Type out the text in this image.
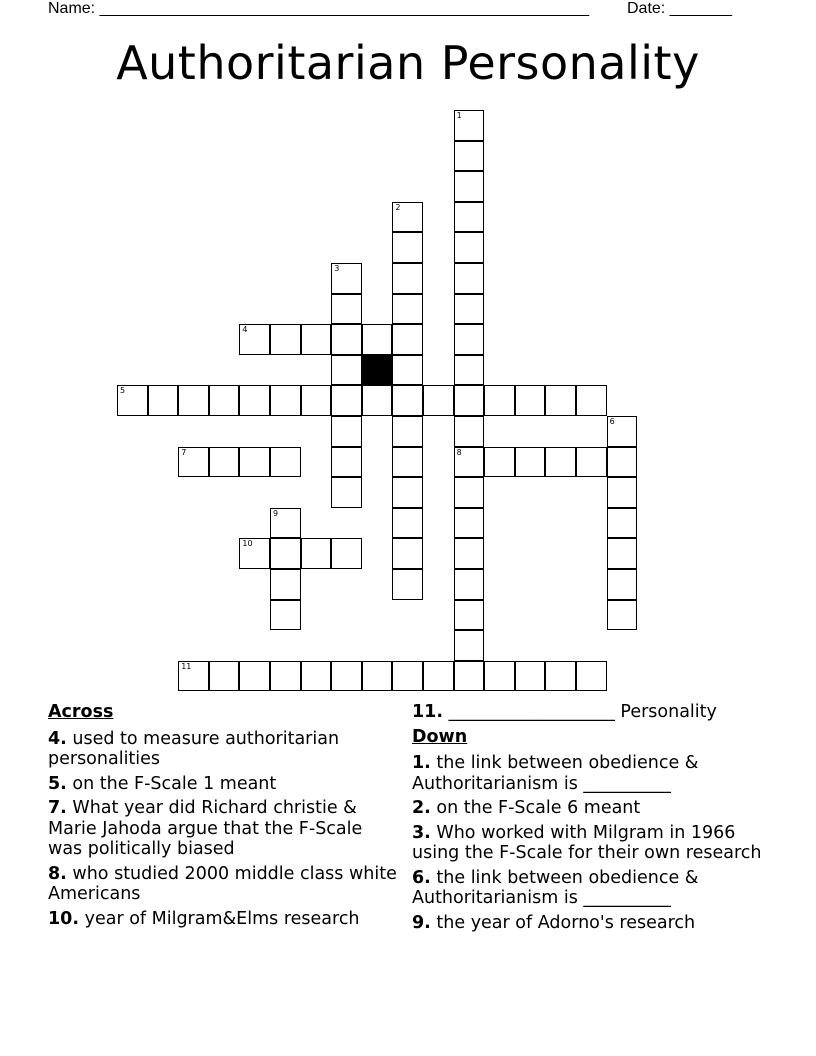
Name: _______________________________________________________ Date: _______
Authoritarian Personality
1
8
2
3
4
5
6
7
9
10
11
Across
4. used to measure authoritarian personalities
5. on the F-Scale 1 meant
7. What year did Richard christie & Marie Jahoda argue that the F-Scale was politically biased
8. who studied 2000 middle class white Americans
10. year of Milgram&Elms research
11. ___________________ Personality
Down
1. the link between obedience & Authoritarianism is __________
2. on the F-Scale 6 meant
3. Who worked with Milgram in 1966 using the F-Scale for their own research
6. the link between obedience & Authoritarianism is __________
9. the year of Adorno's research
